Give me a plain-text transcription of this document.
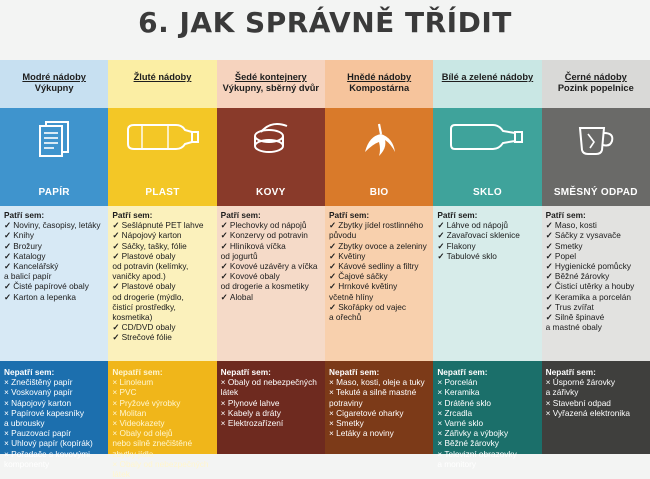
6. JAK SPRÁVNĚ TŘÍDIT
Modré nádoby
Výkupny
PAPÍR
Patří sem:
✓ Noviny, časopisy, letáky
✓ Knihy
✓ Brožury
✓ Katalogy
✓ Kancelářský
a balicí papír
✓ Čisté papírové obaly
✓ Karton a lepenka
Nepatří sem:
× Znečištěný papír
× Voskovaný papír
× Nápojový karton
× Papírové kapesníky
a ubrousky
× Pauzovací papír
× Uhlový papír (kopírák)
× Pořadače s kovovými
komponenty
Žluté nádoby
PLAST
Patří sem:
✓ Sešlápnuté PET lahve
✓ Nápojový karton
✓ Sáčky, tašky, fólie
✓ Plastové obaly
od potravin (kelímky,
vaničky apod.)
✓ Plastové obaly
od drogerie (mýdlo,
čisticí prostředky,
kosmetika)
✓ CD/DVD obaly
✓ Strečové fólie
Nepatří sem:
× Linoleum
× PVC
× Pryžové výrobky
× Molitan
× Videokazety
× Obaly od olejů
nebo silně znečištěné
zbytky jídla
× Obaly od nebezpečných
látek
Šedé kontejnery
Výkupny, sběrný dvůr
KOVY
Patří sem:
✓ Plechovky od nápojů
✓ Konzervy od potravin
✓ Hliníková víčka
od jogurtů
✓ Kovové uzávěry a víčka
✓ Kovové obaly
od drogerie a kosmetiky
✓ Alobal
Nepatří sem:
× Obaly od nebezpečných
látek
× Plynové lahve
× Kabely a dráty
× Elektrozařízení
Hnědé nádoby
Kompostárna
BIO
Patří sem:
✓ Zbytky jídel rostlinného
původu
✓ Zbytky ovoce a zeleniny
✓ Květiny
✓ Kávové sedliny a filtry
✓ Čajové sáčky
✓ Hrnkové květiny
včetně hlíny
✓ Skořápky od vajec
a ořechů
Nepatří sem:
× Maso, kosti, oleje a tuky
× Tekuté a silně mastné
potraviny
× Cigaretové oharky
× Smetky
× Letáky a noviny
Bílé a zelené nádoby
SKLO
Patří sem:
✓ Láhve od nápojů
✓ Zavařovací sklenice
✓ Flakony
✓ Tabulové sklo
Nepatří sem:
× Porcelán
× Keramika
× Drátěné sklo
× Zrcadla
× Varné sklo
× Zářivky a výbojky
× Běžné žárovky
× Televizní obrazovky
a monitory
Černé nádoby
Pozink popelnice
SMĚSNÝ ODPAD
Patří sem:
✓ Maso, kosti
✓ Sáčky z vysavače
✓ Smetky
✓ Popel
✓ Hygienické pomůcky
✓ Běžné žárovky
✓ Čisticí utěrky a houby
✓ Keramika a porcelán
✓ Trus zvířat
✓ Silně špinavé
a mastné obaly
Nepatří sem:
× Úsporné žárovky
a zářivky
× Stavební odpad
× Vyřazená elektronika
